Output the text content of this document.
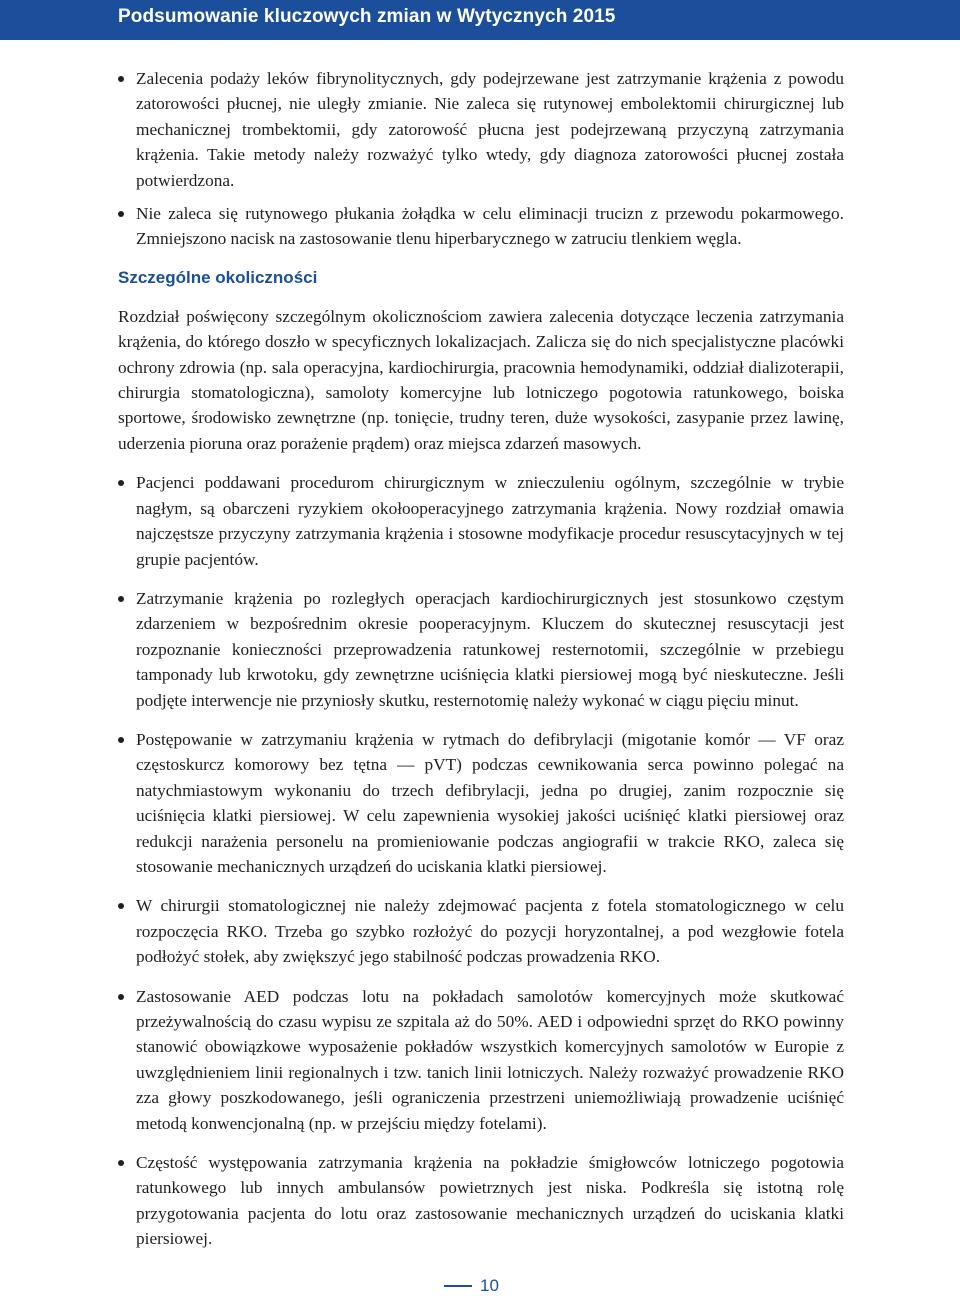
Podsumowanie kluczowych zmian w Wytycznych 2015
Zalecenia podaży leków fibrynolitycznych, gdy podejrzewane jest zatrzymanie krążenia z powodu zatorowości płucnej, nie uległy zmianie. Nie zaleca się rutynowej embolektomii chirurgicznej lub mechanicznej trombektomii, gdy zatorowość płucna jest podejrzewaną przyczyną zatrzymania krążenia. Takie metody należy rozważyć tylko wtedy, gdy diagnoza zatorowości płucnej została potwierdzona.
Nie zaleca się rutynowego płukania żołądka w celu eliminacji trucizn z przewodu pokarmowego. Zmniejszono nacisk na zastosowanie tlenu hiperbarycznego w zatruciu tlenkiem węgla.
Szczególne okoliczności

Rozdział poświęcony szczególnym okolicznościom zawiera zalecenia dotyczące leczenia zatrzymania krążenia, do którego doszło w specyficznych lokalizacjach. Zalicza się do nich specjalistyczne placówki ochrony zdrowia (np. sala operacyjna, kardiochirurgia, pracownia hemodynamiki, oddział dializoterapii, chirurgia stomatologiczna), samoloty komercyjne lub lotniczego pogotowia ratunkowego, boiska sportowe, środowisko zewnętrzne (np. tonięcie, trudny teren, duże wysokości, zasypanie przez lawinę, uderzenia pioruna oraz porażenie prądem) oraz miejsca zdarzeń masowych.

Pacjenci poddawani procedurom chirurgicznym w znieczuleniu ogólnym, szczególnie w trybie nagłym, są obarczeni ryzykiem okołooperacyjnego zatrzymania krążenia. Nowy rozdział omawia najczęstsze przyczyny zatrzymania krążenia i stosowne modyfikacje procedur resuscytacyjnych w tej grupie pacjentów.
Zatrzymanie krążenia po rozległych operacjach kardiochirurgicznych jest stosunkowo częstym zdarzeniem w bezpośrednim okresie pooperacyjnym. Kluczem do skutecznej resuscytacji jest rozpoznanie konieczności przeprowadzenia ratunkowej resternotomii, szczególnie w przebiegu tamponady lub krwotoku, gdy zewnętrzne uciśnięcia klatki piersiowej mogą być nieskuteczne. Jeśli podjęte interwencje nie przyniosły skutku, resternotomię należy wykonać w ciągu pięciu minut.
Postępowanie w zatrzymaniu krążenia w rytmach do defibrylacji (migotanie komór — VF oraz częstoskurcz komorowy bez tętna — pVT) podczas cewnikowania serca powinno polegać na natychmiastowym wykonaniu do trzech defibrylacji, jedna po drugiej, zanim rozpocznie się uciśnięcia klatki piersiowej. W celu zapewnienia wysokiej jakości uciśnięć klatki piersiowej oraz redukcji narażenia personelu na promieniowanie podczas angiografii w trakcie RKO, zaleca się stosowanie mechanicznych urządzeń do uciskania klatki piersiowej.
W chirurgii stomatologicznej nie należy zdejmować pacjenta z fotela stomatologicznego w celu rozpoczęcia RKO. Trzeba go szybko rozłożyć do pozycji horyzontalnej, a pod wezgłowie fotela podłożyć stołek, aby zwiększyć jego stabilność podczas prowadzenia RKO.
Zastosowanie AED podczas lotu na pokładach samolotów komercyjnych może skutkować przeżywalnością do czasu wypisu ze szpitala aż do 50%. AED i odpowiedni sprzęt do RKO powinny stanowić obowiązkowe wyposażenie pokładów wszystkich komercyjnych samolotów w Europie z uwzględnieniem linii regionalnych i tzw. tanich linii lotniczych. Należy rozważyć prowadzenie RKO zza głowy poszkodowanego, jeśli ograniczenia przestrzeni uniemożliwiają prowadzenie uciśnięć metodą konwencjonalną (np. w przejściu między fotelami).
Częstość występowania zatrzymania krążenia na pokładzie śmigłowców lotniczego pogotowia ratunkowego lub innych ambulansów powietrznych jest niska. Podkreśla się istotną rolę przygotowania pacjenta do lotu oraz zastosowanie mechanicznych urządzeń do uciskania klatki piersiowej.
10
